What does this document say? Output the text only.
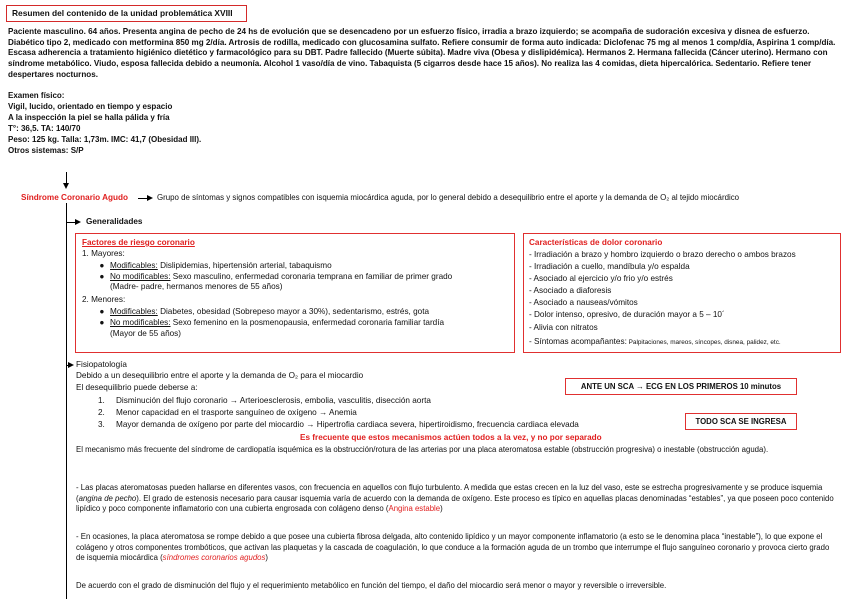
Resumen del contenido de la unidad problemática XVIII
Paciente masculino. 64 años. Presenta angina de pecho de 24 hs de evolución que se desencadeno por un esfuerzo físico, irradia a brazo izquierdo; se acompaña de sudoración excesiva y disnea de esfuerzo. Diabético tipo 2, medicado con metformina 850 mg 2/día. Artrosis de rodilla, medicado con glucosamina sulfato. Refiere consumir de forma auto indicada: Diclofenac 75 mg al menos 1 comp/día, Aspirina 1 comp/día. Escasa adherencia a tratamiento higiénico dietético y farmacológico para su DBT. Padre fallecido (Muerte súbita). Madre viva (Obesa y dislipidémica). Hermanos 2. Hermana fallecida (Cáncer uterino). Hermano con síndrome metabólico. Viudo, esposa fallecida debido a neumonía. Alcohol 1 vaso/día de vino. Tabaquista (5 cigarros desde hace 15 años). No realiza las 4 comidas, dieta hipercalórica. Sedentario. Refiere tener despertares nocturnos.
Examen físico:
Vigil, lucido, orientado en tiempo y espacio
A la inspección la piel se halla pálida y fría
T°: 36,5. TA: 140/70
Peso: 125 kg. Talla: 1,73m. IMC: 41,7 (Obesidad III).
Otros sistemas: S/P
Síndrome Coronario Agudo	Grupo de síntomas y signos compatibles con isquemia miocárdica aguda, por lo general debido a desequilibrio entre el aporte y la demanda de O₂ al tejido miocárdico
Generalidades
Factores de riesgo coronario
1. Mayores:
● Modificables: Dislipidemias, hipertensión arterial, tabaquismo
● No modificables: Sexo masculino, enfermedad coronaria temprana en familiar de primer grado
(Madre- padre, hermanos menores de 55 años)
2. Menores:
● Modificables: Diabetes, obesidad (Sobrepeso mayor a 30%), sedentarismo, estrés, gota
● No modificables: Sexo femenino en la posmenopausia, enfermedad coronaria familiar tardía
(Mayor de 55 años)
Características de dolor coronario
- Irradiación a brazo y hombro izquierdo o brazo derecho o ambos brazos
- Irradiación a cuello, mandíbula y/o espalda
- Asociado al ejercicio y/o frio y/o estrés
- Asociado a diaforesis
- Asociado a nauseas/vómitos
- Dolor intenso, opresivo, de duración mayor a 5 – 10´
- Alivia con nitratos
- Síntomas acompañantes: Palpitaciones, mareos, síncopes, disnea, palidez, etc.
Fisiopatología
Debido a un desequilibrio entre el aporte y la demanda de O₂ para el miocardio
El desequilibrio puede deberse a:
1. Disminución del flujo coronario → Arterioesclerosis, embolia, vasculitis, disección aorta
2. Menor capacidad en el trasporte sanguíneo de oxígeno → Anemia
3. Mayor demanda de oxígeno por parte del miocardio → Hipertrofia cardiaca severa, hipertiroidismo, frecuencia cardiaca elevada
ANTE UN SCA → ECG EN LOS PRIMEROS 10 minutos
TODO SCA SE INGRESA
Es frecuente que estos mecanismos actúen todos a la vez, y no por separado
El mecanismo más frecuente del síndrome de cardiopatía isquémica es la obstrucción/rotura de las arterias por una placa ateromatosa estable (obstrucción progresiva) o inestable (obstrucción aguda).
- Las placas ateromatosas pueden hallarse en diferentes vasos, con frecuencia en aquellos con flujo turbulento. A medida que estas crecen en la luz del vaso, este se estrecha progresivamente y se produce isquemia (angina de pecho). El grado de estenosis necesario para causar isquemia varía de acuerdo con la demanda de oxígeno. Este proceso es típico en aquellas placas denominadas “estables”, ya que poseen poco contenido lipídico y poco componente inflamatorio con una cubierta engrosada con colágeno denso (Angina estable)
- En ocasiones, la placa ateromatosa se rompe debido a que posee una cubierta fibrosa delgada, alto contenido lipídico y un mayor componente inflamatorio (a esto se le denomina placa “inestable”), lo que expone el colágeno y otros componentes trombóticos, que activan las plaquetas y la cascada de coagulación, lo que conduce a la formación aguda de un trombo que interrumpe el flujo sanguíneo coronario y provoca cierto grado de isquemia miocárdica (síndromes coronarios agudos)
De acuerdo con el grado de disminución del flujo y el requerimiento metabólico en función del tiempo, el daño del miocardio será menor o mayor y reversible o irreversible.
